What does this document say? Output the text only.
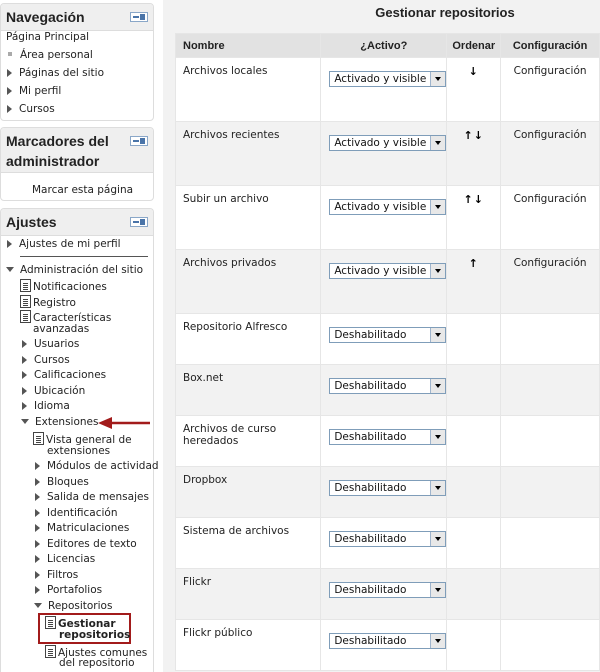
Navegación
Página Principal
Área personal
Páginas del sitio
Mi perfil
Cursos
Marcadores del
administrador
Marcar esta página
Ajustes
Ajustes de mi perfil
Administración del sitio
Notificaciones
Registro
Características
avanzadas
Usuarios
Cursos
Calificaciones
Ubicación
Idioma
Extensiones
Vista general de
extensiones
Módulos de actividad
Bloques
Salida de mensajes
Identificación
Matriculaciones
Editores de texto
Licencias
Filtros
Portafolios
Repositorios
Gestionar
repositorios
Ajustes comunes
del repositorio
Gestionar repositorios
Nombre	¿Activo?	Ordenar	Configuración
Archivos locales	Activado y visible	↓	Configuración
Archivos recientes	Activado y visible	↑↓	Configuración
Subir un archivo	Activado y visible	↑↓	Configuración
Archivos privados	Activado y visible	↑	Configuración
Repositorio Alfresco	Deshabilitado		

Box.net	Deshabilitado		

Archivos de curso heredados	Deshabilitado		

Dropbox	Deshabilitado		

Sistema de archivos	Deshabilitado		

Flickr	Deshabilitado		

Flickr público	Deshabilitado		
